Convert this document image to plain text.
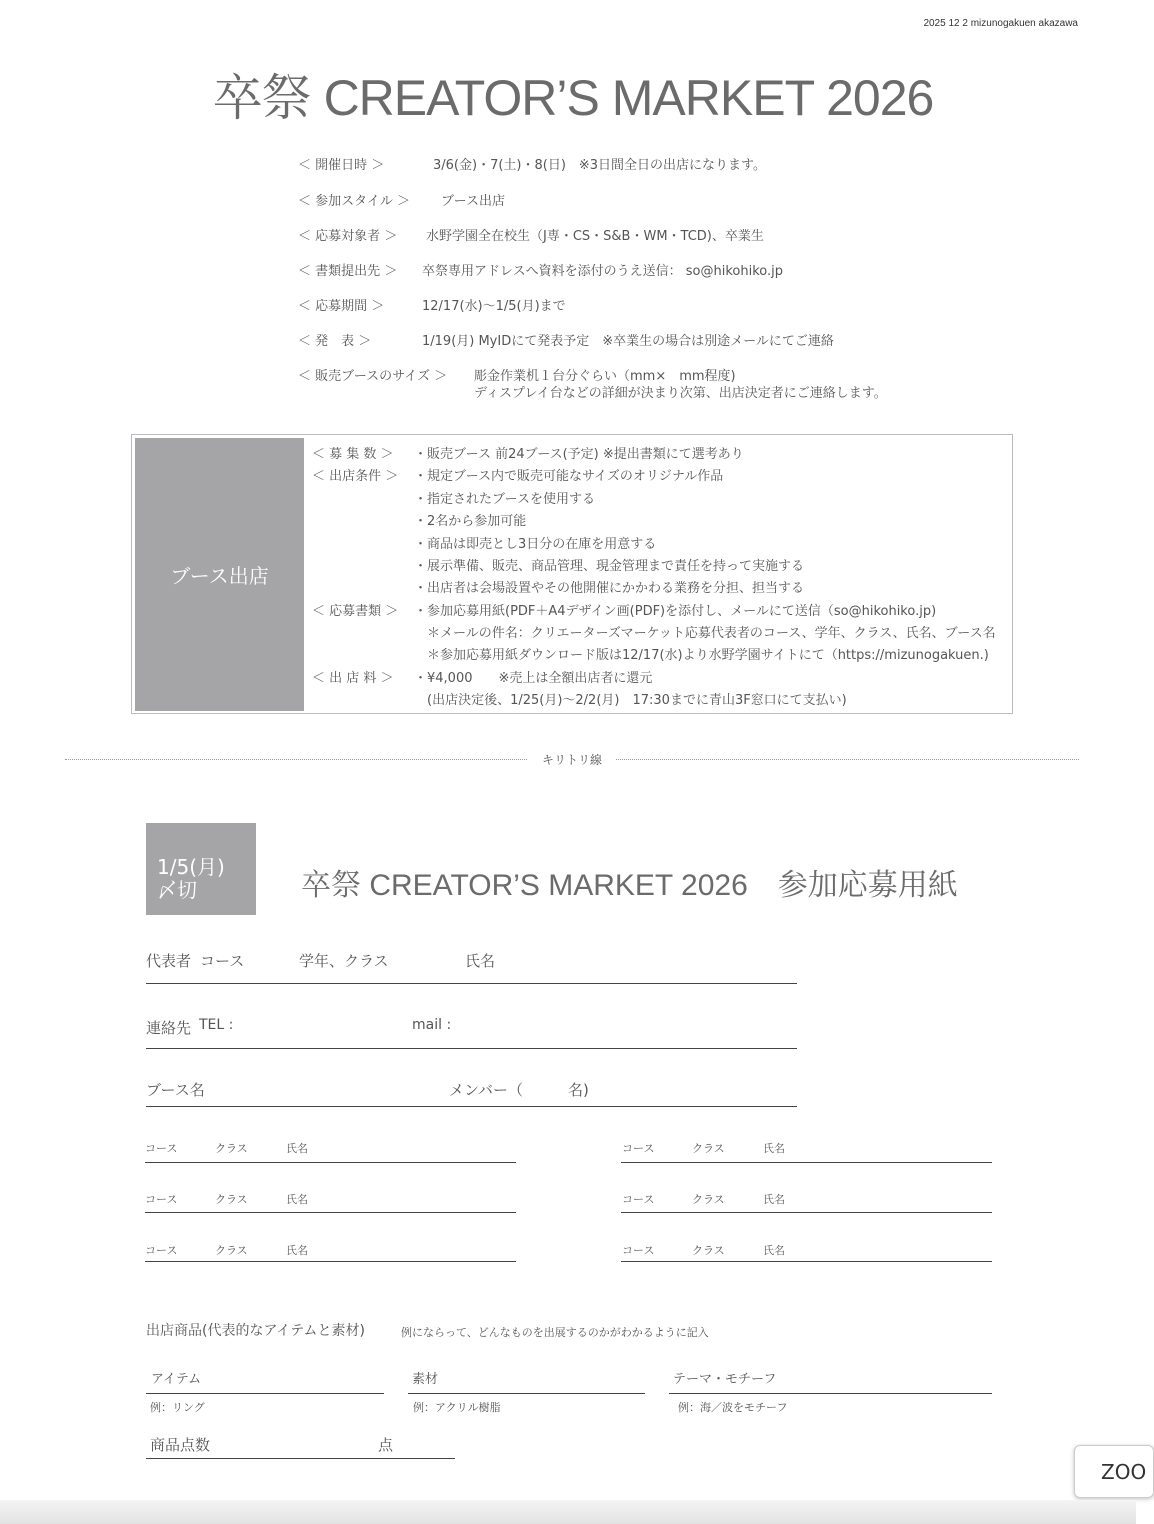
2025 12 2 mizunogakuen akazawa
卒祭 CREATOR’S MARKET 2026
＜ 開催日時 ＞	3/6(金)・7(土)・8(日)　※3日間全日の出店になります。
＜ 参加スタイル ＞ ブース出店
＜ 応募対象者 ＞ 水野学園全在校生（J専・CS・S&B・WM・TCD)、卒業生
＜ 書類提出先 ＞ 卒祭専用アドレスへ資料を添付のうえ送信： so@hikohiko.jp
＜ 応募期間 ＞	12/17(水)〜1/5(月)まで
＜ 発　表 ＞	1/19(月) MyIDにて発表予定　※卒業生の場合は別途メールにてご連絡
＜ 販売ブースのサイズ ＞ 彫金作業机１台分ぐらい（mm×　mm程度)
ディスプレイ台などの詳細が決まり次第、出店決定者にご連絡します。
ブース出店
＜ 募 集 数 ＞ ・販売ブース 前24ブース(予定) ※提出書類にて選考あり
＜ 出店条件 ＞ ・規定ブース内で販売可能なサイズのオリジナル作品
・指定されたブースを使用する
・2名から参加可能
・商品は即売とし3日分の在庫を用意する
・展示準備、販売、商品管理、現金管理まで責任を持って実施する
・出店者は会場設置やその他開催にかかわる業務を分担、担当する
＜ 応募書類 ＞ ・参加応募用紙(PDF＋A4デザイン画(PDF)を添付し、メールにて送信（so@hikohiko.jp)
　＊メールの件名：クリエーターズマーケット応募代表者のコース、学年、クラス、氏名、ブース名
　＊参加応募用紙ダウンロード版は12/17(水)より水野学園サイトにて（https://mizunogakuen.)
＜ 出 店 料 ＞ ・¥4,000　　※売上は全額出店者に還元
　(出店決定後、1/25(月)〜2/2(月)　17:30までに青山3F窓口にて支払い)
キリトリ線
1/5(月)
〆切	卒祭 CREATOR’S MARKET 2026　参加応募用紙
代表者 コース	学年、クラス	氏名
連絡先 TEL :	mail :
ブース名	メンバー（　　　名)
コース	クラス	氏名
コース	クラス	氏名
コース	クラス	氏名
コース	クラス	氏名
コース	クラス	氏名
コース	クラス	氏名
出店商品(代表的なアイテムと素材)	例にならって、どんなものを出展するのかがわかるように記入
アイテム
例：リング
素材
例：アクリル樹脂
テーマ・モチーフ
例：海／波をモチーフ
商品点数	点
ZOO
